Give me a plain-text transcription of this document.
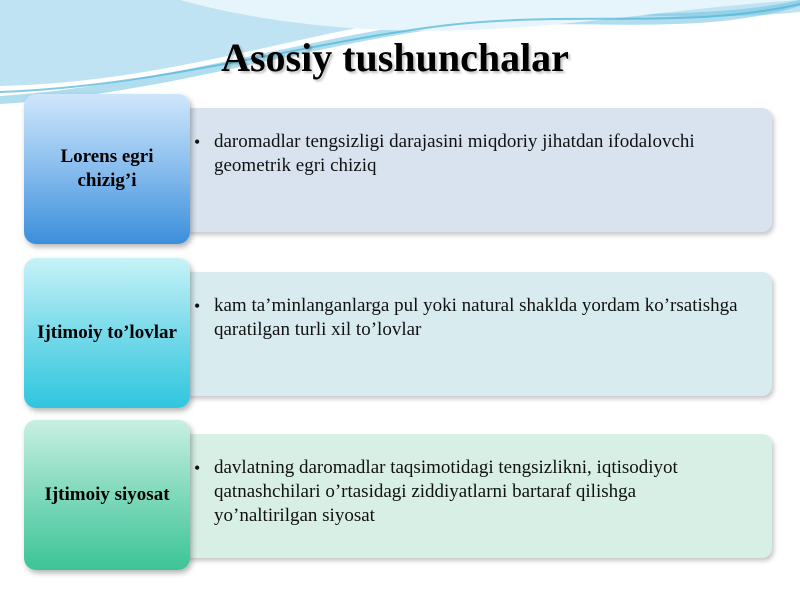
Asosiy tushunchalar
• daromadlar tengsizligi darajasini miqdoriy jihatdan ifodalovchi geometrik egri chiziq
Lorens egri chizig’i
• kam ta’minlanganlarga pul yoki natural shaklda yordam ko’rsatishga qaratilgan turli xil to’lovlar
Ijtimoiy to’lovlar
• davlatning daromadlar taqsimotidagi tengsizlikni, iqtisodiyot qatnashchilari o’rtasidagi ziddiyatlarni bartaraf qilishga yo’naltirilgan siyosat
Ijtimoiy siyosat
